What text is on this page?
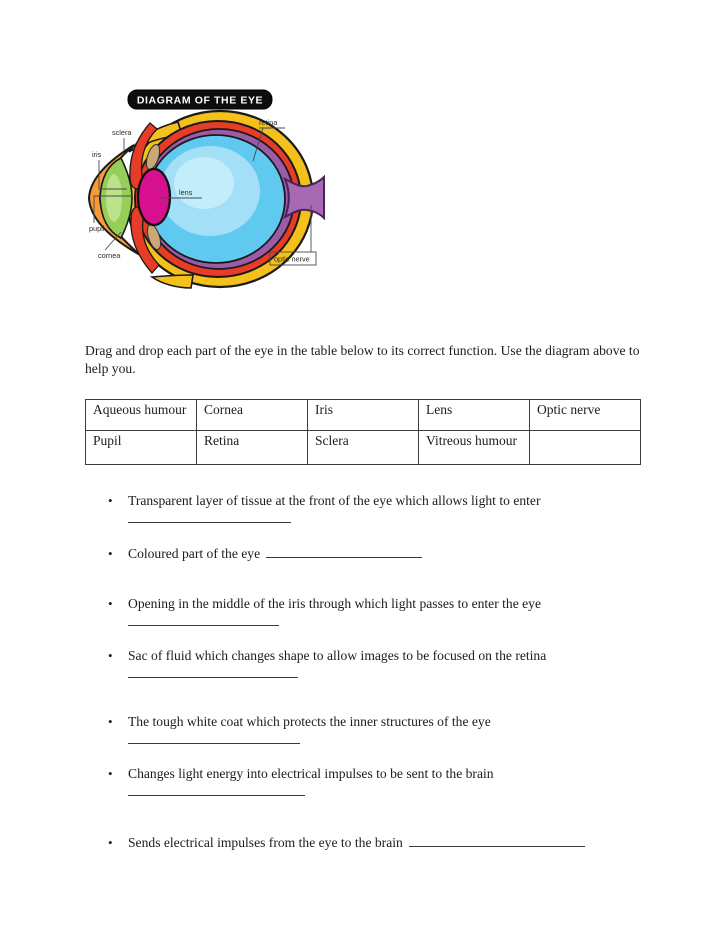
sclera
iris
pupil
cornea
lens
retina
optic nerve
DIAGRAM OF THE EYE

Drag and drop each part of the eye in the table below to its correct function. Use the diagram above to help you.

Aqueous humour	Cornea	Iris	Lens	Optic nerve
Pupil	Retina	Sclera	Vitreous humour	
•	Transparent layer of tissue at the front of the eye which allows light to enter
•	Coloured part of the eye
•	Opening in the middle of the iris through which light passes to enter the eye
•	Sac of fluid which changes shape to allow images to be focused on the retina
•	The tough white coat which protects the inner structures of the eye
•	Changes light energy into electrical impulses to be sent to the brain
•	Sends electrical impulses from the eye to the brain
